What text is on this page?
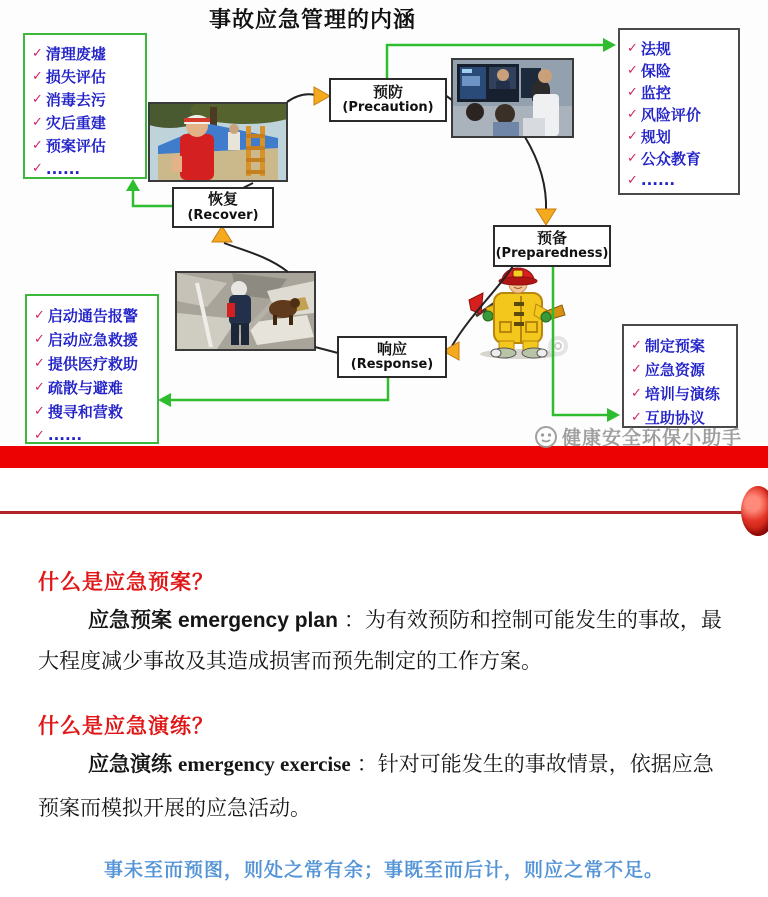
事故应急管理的内涵
✓ 清理废墟
✓ 损失评估
✓ 消毒去污
✓ 灾后重建
✓ 预案评估
✓ ......
✓ 法规
✓ 保险
✓ 监控
✓ 风险评价
✓ 规划
✓ 公众教育
✓ ......
✓ 启动通告报警
✓ 启动应急救援
✓ 提供医疗救助
✓ 疏散与避难
✓ 搜寻和营救
✓ ......
✓ 制定预案
✓ 应急资源
✓ 培训与演练
✓ 互助协议
预防
(Precaution)
预备
(Preparedness)
响应
(Response)
恢复
(Recover)
健康安全环保小助手
什么是应急预案？

应急预案 emergency plan ：为有效预防和控制可能发生的事故，最大程度减少事故及其造成损害而预先制定的工作方案。

什么是应急演练？

应急演练 emergency exercise ：针对可能发生的事故情景，依据应急预案而模拟开展的应急活动。

事未至而预图，则处之常有余；事既至而后计，则应之常不足。
